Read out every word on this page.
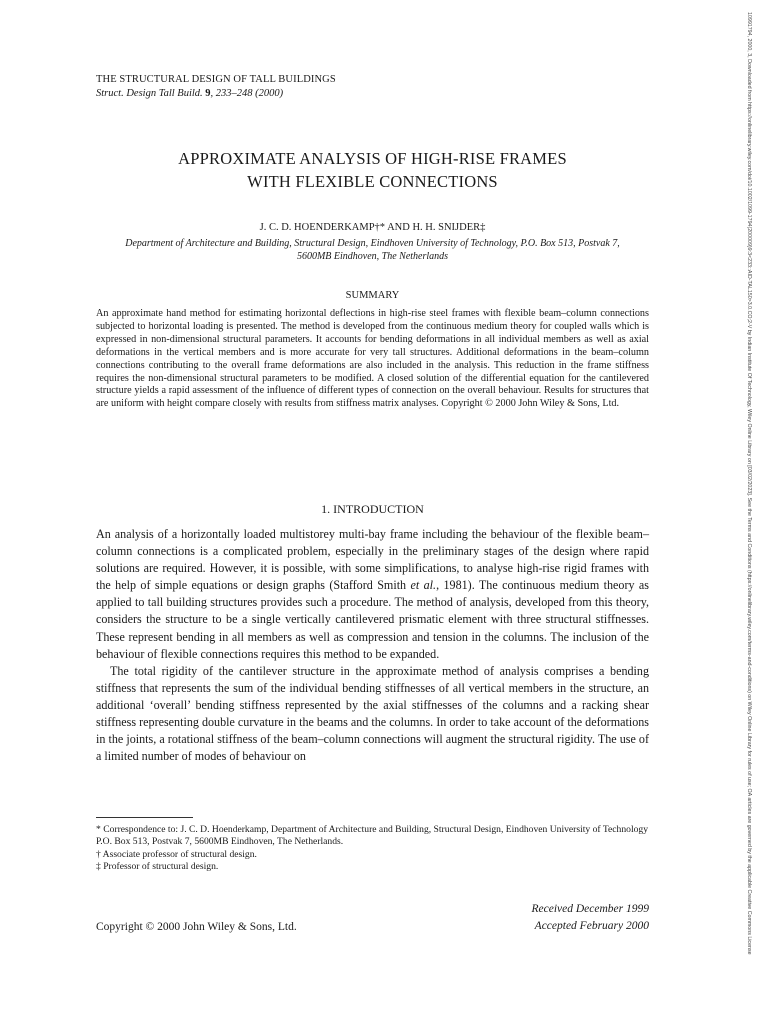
THE STRUCTURAL DESIGN OF TALL BUILDINGS
Struct. Design Tall Build. 9, 233–248 (2000)
APPROXIMATE ANALYSIS OF HIGH-RISE FRAMES
WITH FLEXIBLE CONNECTIONS
J. C. D. HOENDERKAMP†* AND H. H. SNIJDER‡
Department of Architecture and Building, Structural Design, Eindhoven University of Technology, P.O. Box 513, Postvak 7,
5600MB Eindhoven, The Netherlands
SUMMARY

An approximate hand method for estimating horizontal deflections in high-rise steel frames with flexible beam–column connections subjected to horizontal loading is presented. The method is developed from the continuous medium theory for coupled walls which is expressed in non-dimensional structural parameters. It accounts for bending deformations in all individual members as well as axial deformations in the vertical members and is more accurate for very tall structures. Additional deformations in the beam–column connections contributing to the overall frame deformations are also included in the analysis. This reduction in the frame stiffness requires the non-dimensional structural parameters to be modified. A closed solution of the differential equation for the cantilevered structure yields a rapid assessment of the influence of different types of connection on the overall behaviour. Results for structures that are uniform with height compare closely with results from stiffness matrix analyses. Copyright © 2000 John Wiley & Sons, Ltd.

1. INTRODUCTION

An analysis of a horizontally loaded multistorey multi-bay frame including the behaviour of the flexible beam–column connections is a complicated problem, especially in the preliminary stages of the design where rapid solutions are required. However, it is possible, with some simplifications, to analyse high-rise rigid frames with the help of simple equations or design graphs (Stafford Smith et al., 1981). The continuous medium theory as applied to tall building structures provides such a procedure. The method of analysis, developed from this theory, considers the structure to be a single vertically cantilevered prismatic element with three structural stiffnesses. These represent bending in all members as well as compression and tension in the columns. The inclusion of the behaviour of flexible connections requires this method to be expanded.

The total rigidity of the cantilever structure in the approximate method of analysis comprises a bending stiffness that represents the sum of the individual bending stiffnesses of all vertical members in the structure, an additional ‘overall’ bending stiffness represented by the axial stiffnesses of the columns and a racking shear stiffness representing double curvature in the beams and the columns. In order to take account of the deformations in the joints, a rotational stiffness of the beam–column connections will augment the structural rigidity. The use of a limited number of modes of behaviour on

* Correspondence to: J. C. D. Hoenderkamp, Department of Architecture and Building, Structural Design, Eindhoven University of Technology P.O. Box 513, Postvak 7, 5600MB Eindhoven, The Netherlands.
† Associate professor of structural design.
‡ Professor of structural design.
Copyright © 2000 John Wiley & Sons, Ltd.
Received December 1999
Accepted February 2000	10991794, 2000, 3, Downloaded from https://onlinelibrary.wiley.com/doi/10.1002/1099-1794(200009)9:3<233::AID-TAL150>3.0.CO;2-V by Indian Institute Of Technology, Wiley Online Library on [03/02/2023]. See the Terms and Conditions (https://onlinelibrary.wiley.com/terms-and-conditions) on Wiley Online Library for rules of use; OA articles are governed by the applicable Creative Commons License
